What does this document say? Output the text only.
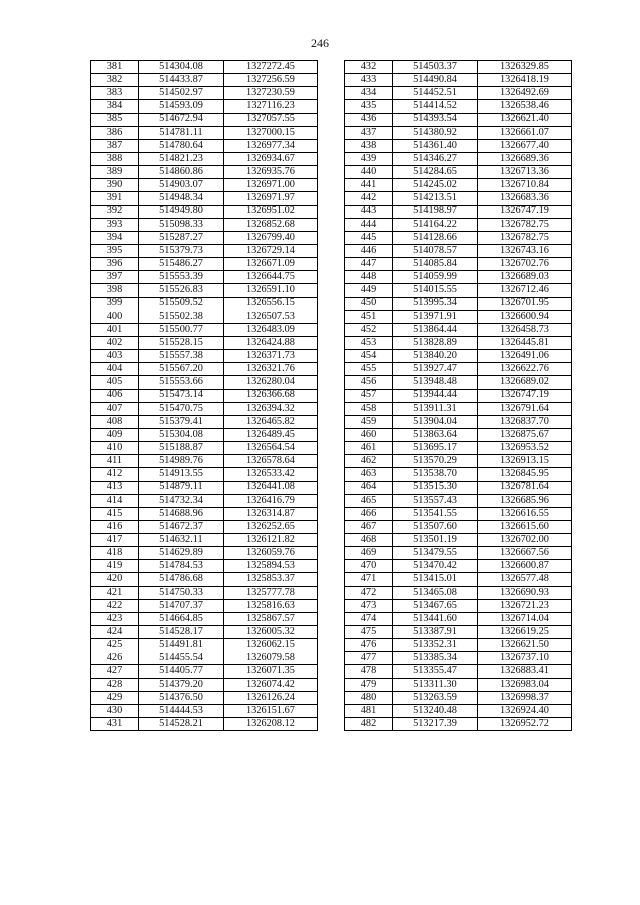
246
381	514304.08	1327272.45
382	514433.87	1327256.59
383	514502.97	1327230.59
384	514593.09	1327116.23
385	514672.94	1327057.55
386	514781.11	1327000.15
387	514780.64	1326977.34
388	514821.23	1326934.67
389	514860.86	1326935.76
390	514903.07	1326971.00
391	514948.34	1326971.97
392	514949.80	1326951.02
393	515098.33	1326852.68
394	515287.27	1326799.40
395	515379.73	1326729.14
396	515486.27	1326671.09
397	515553.39	1326644.75
398	515526.83	1326591.10
399	515509.52	1326556.15
400	515502.38	1326507.53
401	515500.77	1326483.09
402	515528.15	1326424.88
403	515557.38	1326371.73
404	515567.20	1326321.76
405	515553.66	1326280.04
406	515473.14	1326366.68
407	515470.75	1326394.32
408	515379.41	1326465.82
409	515304.08	1326489.45
410	515188.87	1326564.54
411	514989.76	1326578.64
412	514913.55	1326533.42
413	514879.11	1326441.08
414	514732.34	1326416.79
415	514688.96	1326314.87
416	514672.37	1326252.65
417	514632.11	1326121.82
418	514629.89	1326059.76
419	514784.53	1325894.53
420	514786.68	1325853.37
421	514750.33	1325777.78
422	514707.37	1325816.63
423	514664.85	1325867.57
424	514528.17	1326005.32
425	514491.81	1326062.15
426	514455.54	1326079.58
427	514405.77	1326071.35
428	514379.20	1326074.42
429	514376.50	1326126.24
430	514444.53	1326151.67
431	514528.21	1326208.12
432	514503.37	1326329.85
433	514490.84	1326418.19
434	514452.51	1326492.69
435	514414.52	1326538.46
436	514393.54	1326621.40
437	514380.92	1326661.07
438	514361.40	1326677.40
439	514346.27	1326689.36
440	514284.65	1326713.36
441	514245.02	1326710.84
442	514213.51	1326683.36
443	514198.97	1326747.19
444	514164.22	1326782.75
445	514128.66	1326782.75
446	514078.57	1326743.16
447	514085.84	1326702.76
448	514059.99	1326689.03
449	514015.55	1326712.46
450	513995.34	1326701.95
451	513971.91	1326600.94
452	513864.44	1326458.73
453	513828.89	1326445.81
454	513840.20	1326491.06
455	513927.47	1326622.76
456	513948.48	1326689.02
457	513944.44	1326747.19
458	513911.31	1326791.64
459	513904.04	1326837.70
460	513863.64	1326875.67
461	513695.17	1326953.52
462	513570.29	1326913.15
463	513538.70	1326845.95
464	513515.30	1326781.64
465	513557.43	1326685.96
466	513541.55	1326616.55
467	513507.60	1326615.60
468	513501.19	1326702.00
469	513479.55	1326667.56
470	513470.42	1326600.87
471	513415.01	1326577.48
472	513465.08	1326690.93
473	513467.65	1326721.23
474	513441.60	1326714.04
475	513387.91	1326619.25
476	513352.31	1326621.50
477	513385.34	1326737.10
478	513355.47	1326883.41
479	513311.30	1326983.04
480	513263.59	1326998.37
481	513240.48	1326924.40
482	513217.39	1326952.72
